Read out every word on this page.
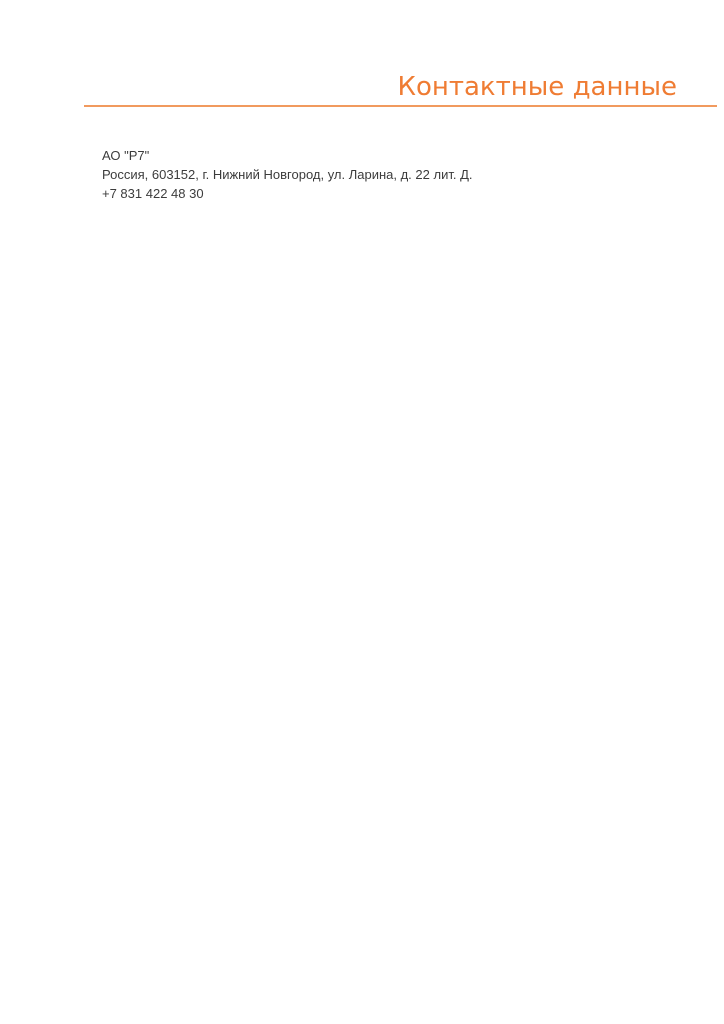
Контактные данные

АО "Р7"

Россия, 603152, г. Нижний Новгород, ул. Ларина, д. 22 лит. Д.

+7 831 422 48 30
